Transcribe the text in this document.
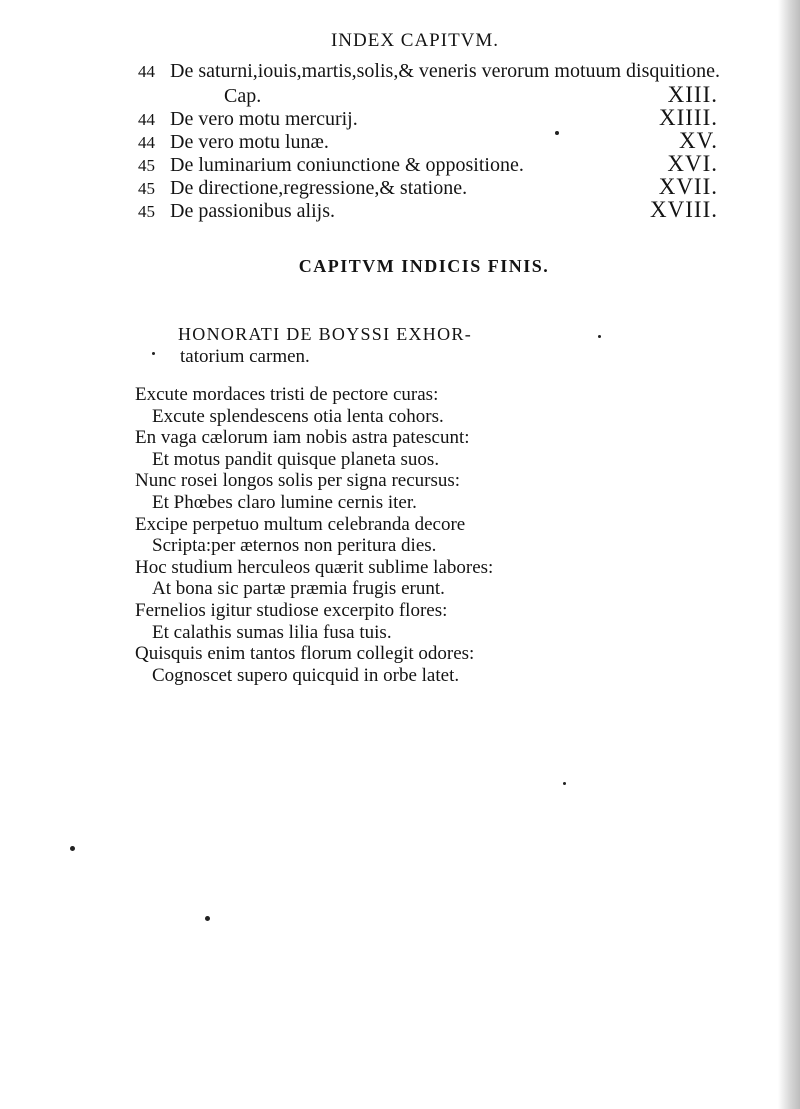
INDEX CAPITVM.
44 De saturni,iouis,martis,solis,& veneris verorum motuum disquitione.
Cap.	XIII.
44 De vero motu mercurij.	XIIII.
44 De vero motu lunæ.	XV.
45 De luminarium coniunctione & oppositione.	XVI.
45 De directione,regressione,& statione.	XVII.
45 De passionibus alijs.	XVIII.
CAPITVM INDICIS FINIS.
HONORATI DE BOYSSI EXHOR-
tatorium carmen.
Excute mordaces tristi de pectore curas:
Excute splendescens otia lenta cohors.
En vaga cælorum iam nobis astra patescunt:
Et motus pandit quisque planeta suos.
Nunc rosei longos solis per signa recursus:
Et Phœbes claro lumine cernis iter.
Excipe perpetuo multum celebranda decore
Scripta:per æternos non peritura dies.
Hoc studium herculeos quærit sublime labores:
At bona sic partæ præmia frugis erunt.
Fernelios igitur studiose excerpito flores:
Et calathis sumas lilia fusa tuis.
Quisquis enim tantos florum collegit odores:
Cognoscet supero quicquid in orbe latet.
